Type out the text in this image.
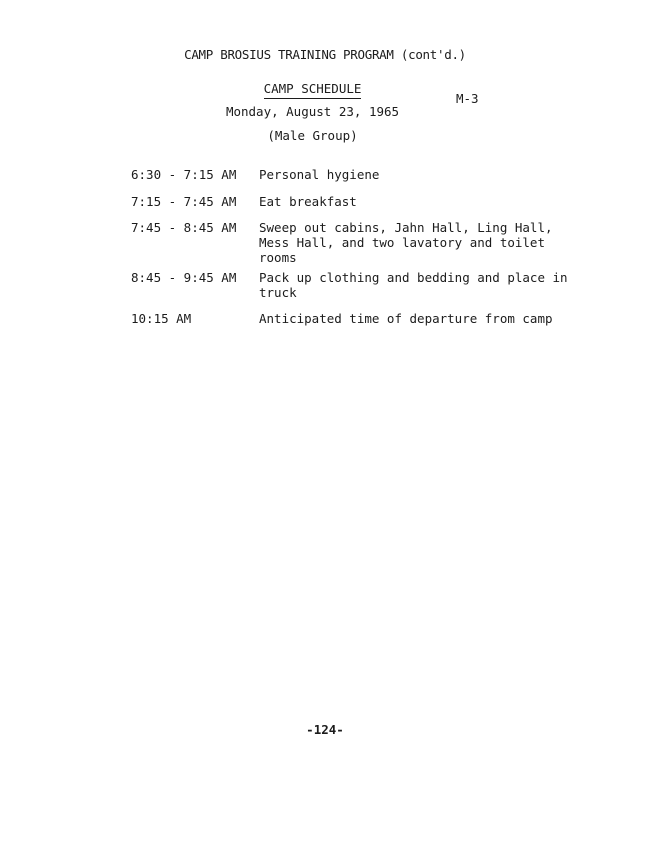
CAMP BROSIUS TRAINING PROGRAM (cont'd.)
CAMP SCHEDULE
M-3
Monday, August 23, 1965
(Male Group)
6:30 - 7:15 AM	Personal hygiene
7:15 - 7:45 AM	Eat breakfast
7:45 - 8:45 AM	Sweep out cabins, Jahn Hall, Ling Hall,
Mess Hall, and two lavatory and toilet
rooms
8:45 - 9:45 AM	Pack up clothing and bedding and place in
truck
10:15 AM	Anticipated time of departure from camp
-124-
